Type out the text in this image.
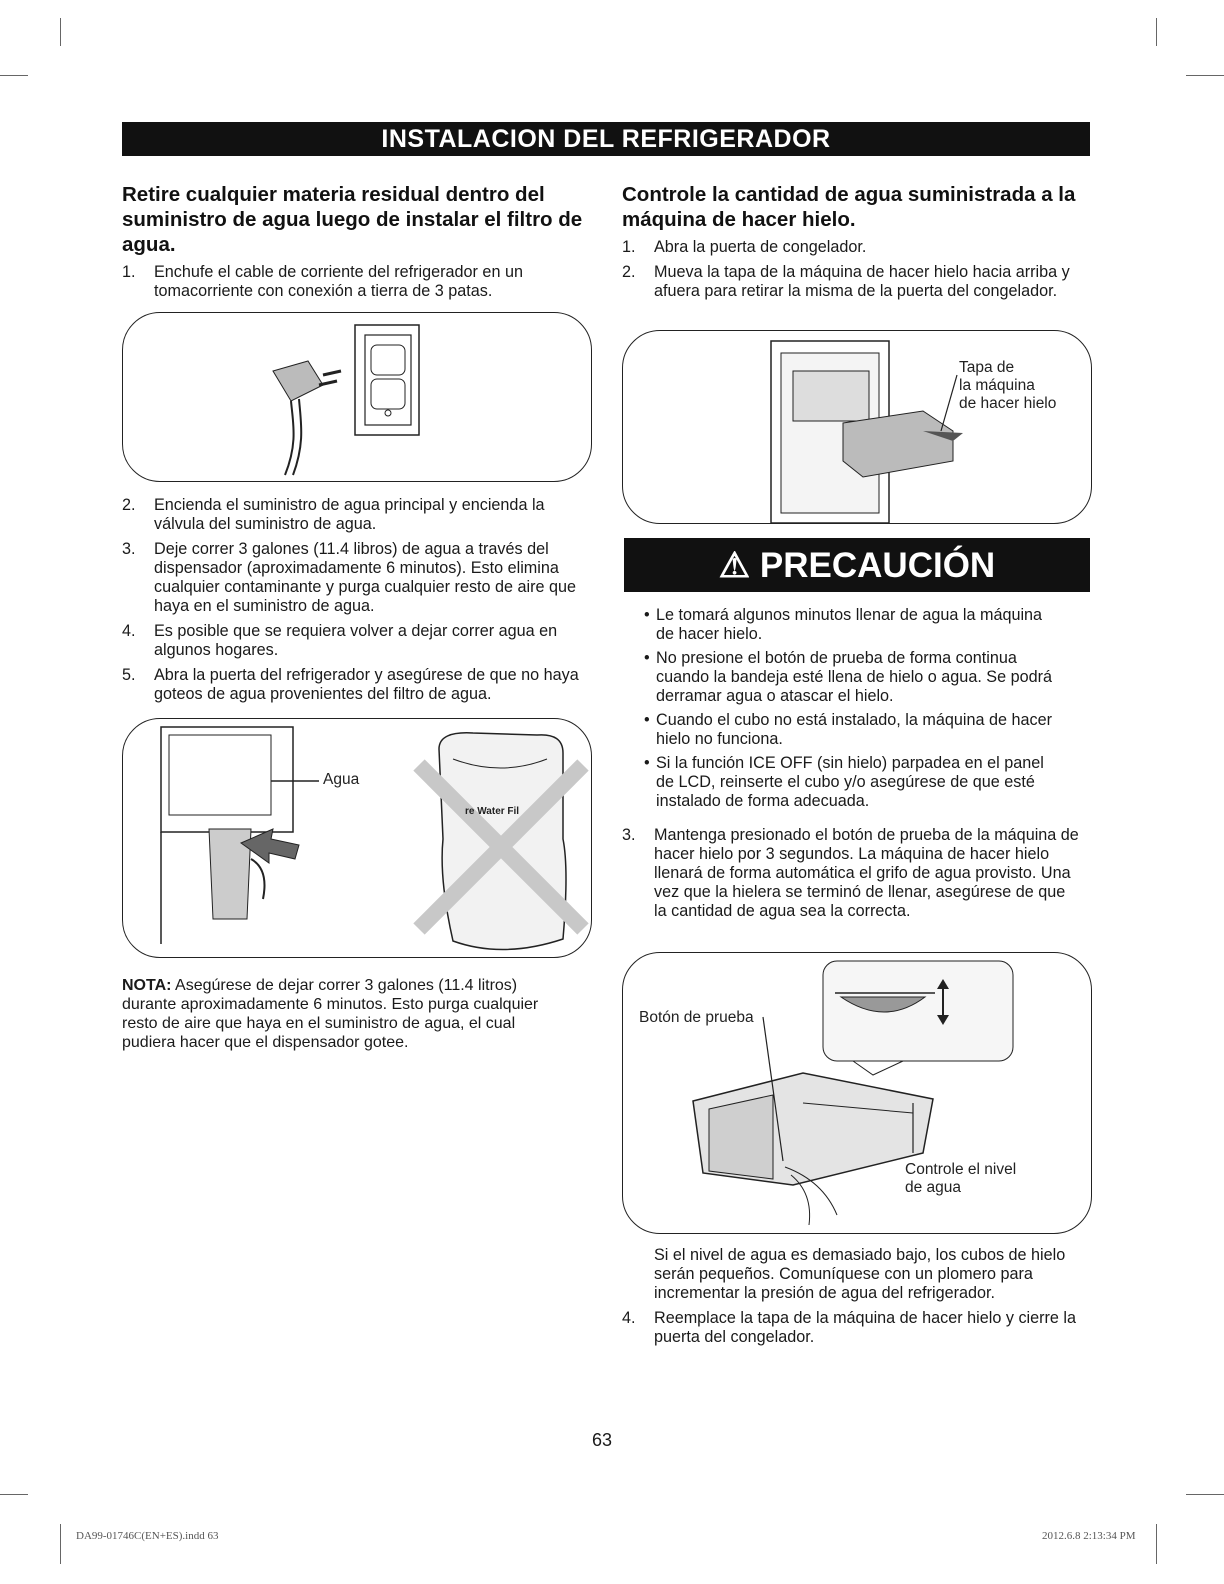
INSTALACION DEL REFRIGERADOR
Retire cualquier materia residual dentro del suministro de agua luego de instalar el filtro de agua.
1. Enchufe el cable de corriente del refrigerador en un tomacorriente con conexión a tierra de 3 patas.
2. Encienda el suministro de agua principal y encienda la válvula del suministro de agua.
3. Deje correr 3 galones (11.4 libros) de agua a través del dispensador (aproximadamente 6 minutos). Esto elimina cualquier contaminante y purga cualquier resto de aire que haya en el suministro de agua.
4. Es posible que se requiera volver a dejar correr agua en algunos hogares.
5. Abra la puerta del refrigerador y asegúrese de que no haya goteos de agua provenientes del filtro de agua.
Agua
re Water Fil
NOTA: Asegúrese de dejar correr 3 galones (11.4 litros) durante aproximadamente 6 minutos. Esto purga cualquier resto de aire que haya en el suministro de agua, el cual pudiera hacer que el dispensador gotee.
Controle la cantidad de agua suministrada a la máquina de hacer hielo.
1. Abra la puerta de congelador.
2. Mueva la tapa de la máquina de hacer hielo hacia arriba y afuera para retirar la misma de la puerta del congelador.
Tapa de
la máquina
de hacer hielo
⚠ PRECAUCIÓN
• Le tomará algunos minutos llenar de agua la máquina de hacer hielo.
• No presione el botón de prueba de forma continua cuando la bandeja esté llena de hielo o agua. Se podrá derramar agua o atascar el hielo.
• Cuando el cubo no está instalado, la máquina de hacer hielo no funciona.
• Si la función ICE OFF (sin hielo) parpadea en el panel de LCD, reinserte el cubo y/o asegúrese de que esté instalado de forma adecuada.
3. Mantenga presionado el botón de prueba de la máquina de hacer hielo por 3 segundos. La máquina de hacer hielo llenará de forma automática el grifo de agua provisto. Una vez que la hielera se terminó de llenar, asegúrese de que la cantidad de agua sea la correcta.
Botón de prueba
Controle el nivel
de agua
Si el nivel de agua es demasiado bajo, los cubos de hielo serán pequeños. Comuníquese con un plomero para incrementar la presión de agua del refrigerador.
4. Reemplace la tapa de la máquina de hacer hielo y cierre la puerta del congelador.
63
DA99-01746C(EN+ES).indd 63	2012.6.8 2:13:34 PM
